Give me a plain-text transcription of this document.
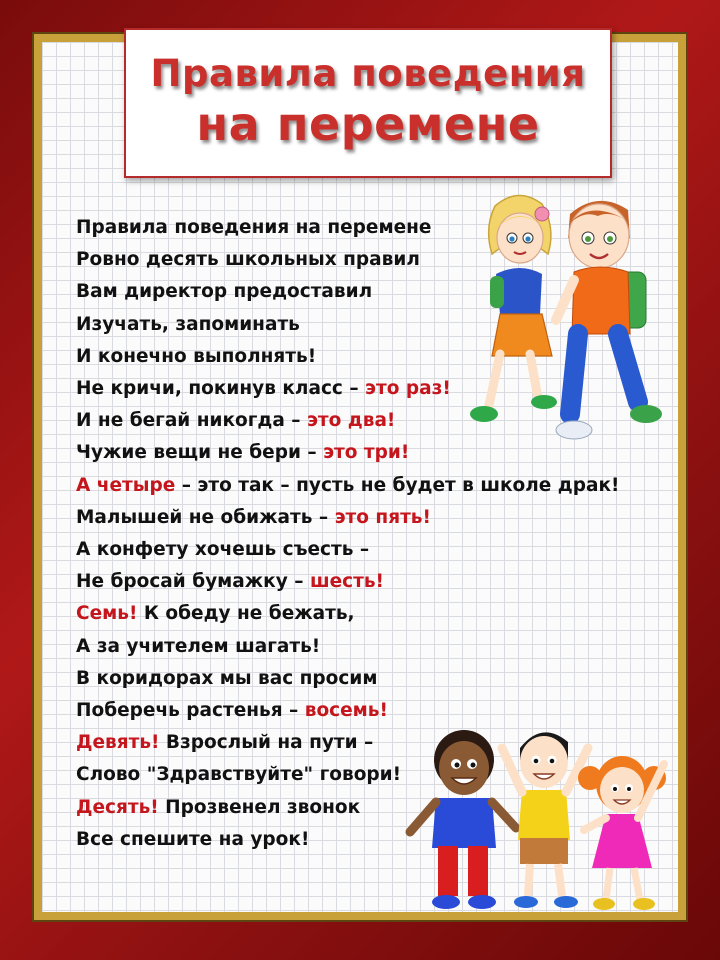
Правила поведения
на перемене
Правила поведения на перемене
Ровно десять школьных правил
Вам директор предоставил
Изучать, запоминать
И конечно выполнять!
Не кричи, покинув класс – это раз!
И не бегай никогда – это два!
Чужие вещи не бери – это три!
А четыре – это так – пусть не будет в школе драк!
Малышей не обижать – это пять!
А конфету хочешь съесть –
Не бросай бумажку – шесть!
Семь! К обеду не бежать,
А за учителем шагать!
В коридорах мы вас просим
Поберечь растенья – восемь!
Девять! Взрослый на пути –
Слово "Здравствуйте" говори!
Десять! Прозвенел звонок
Все спешите на урок!
